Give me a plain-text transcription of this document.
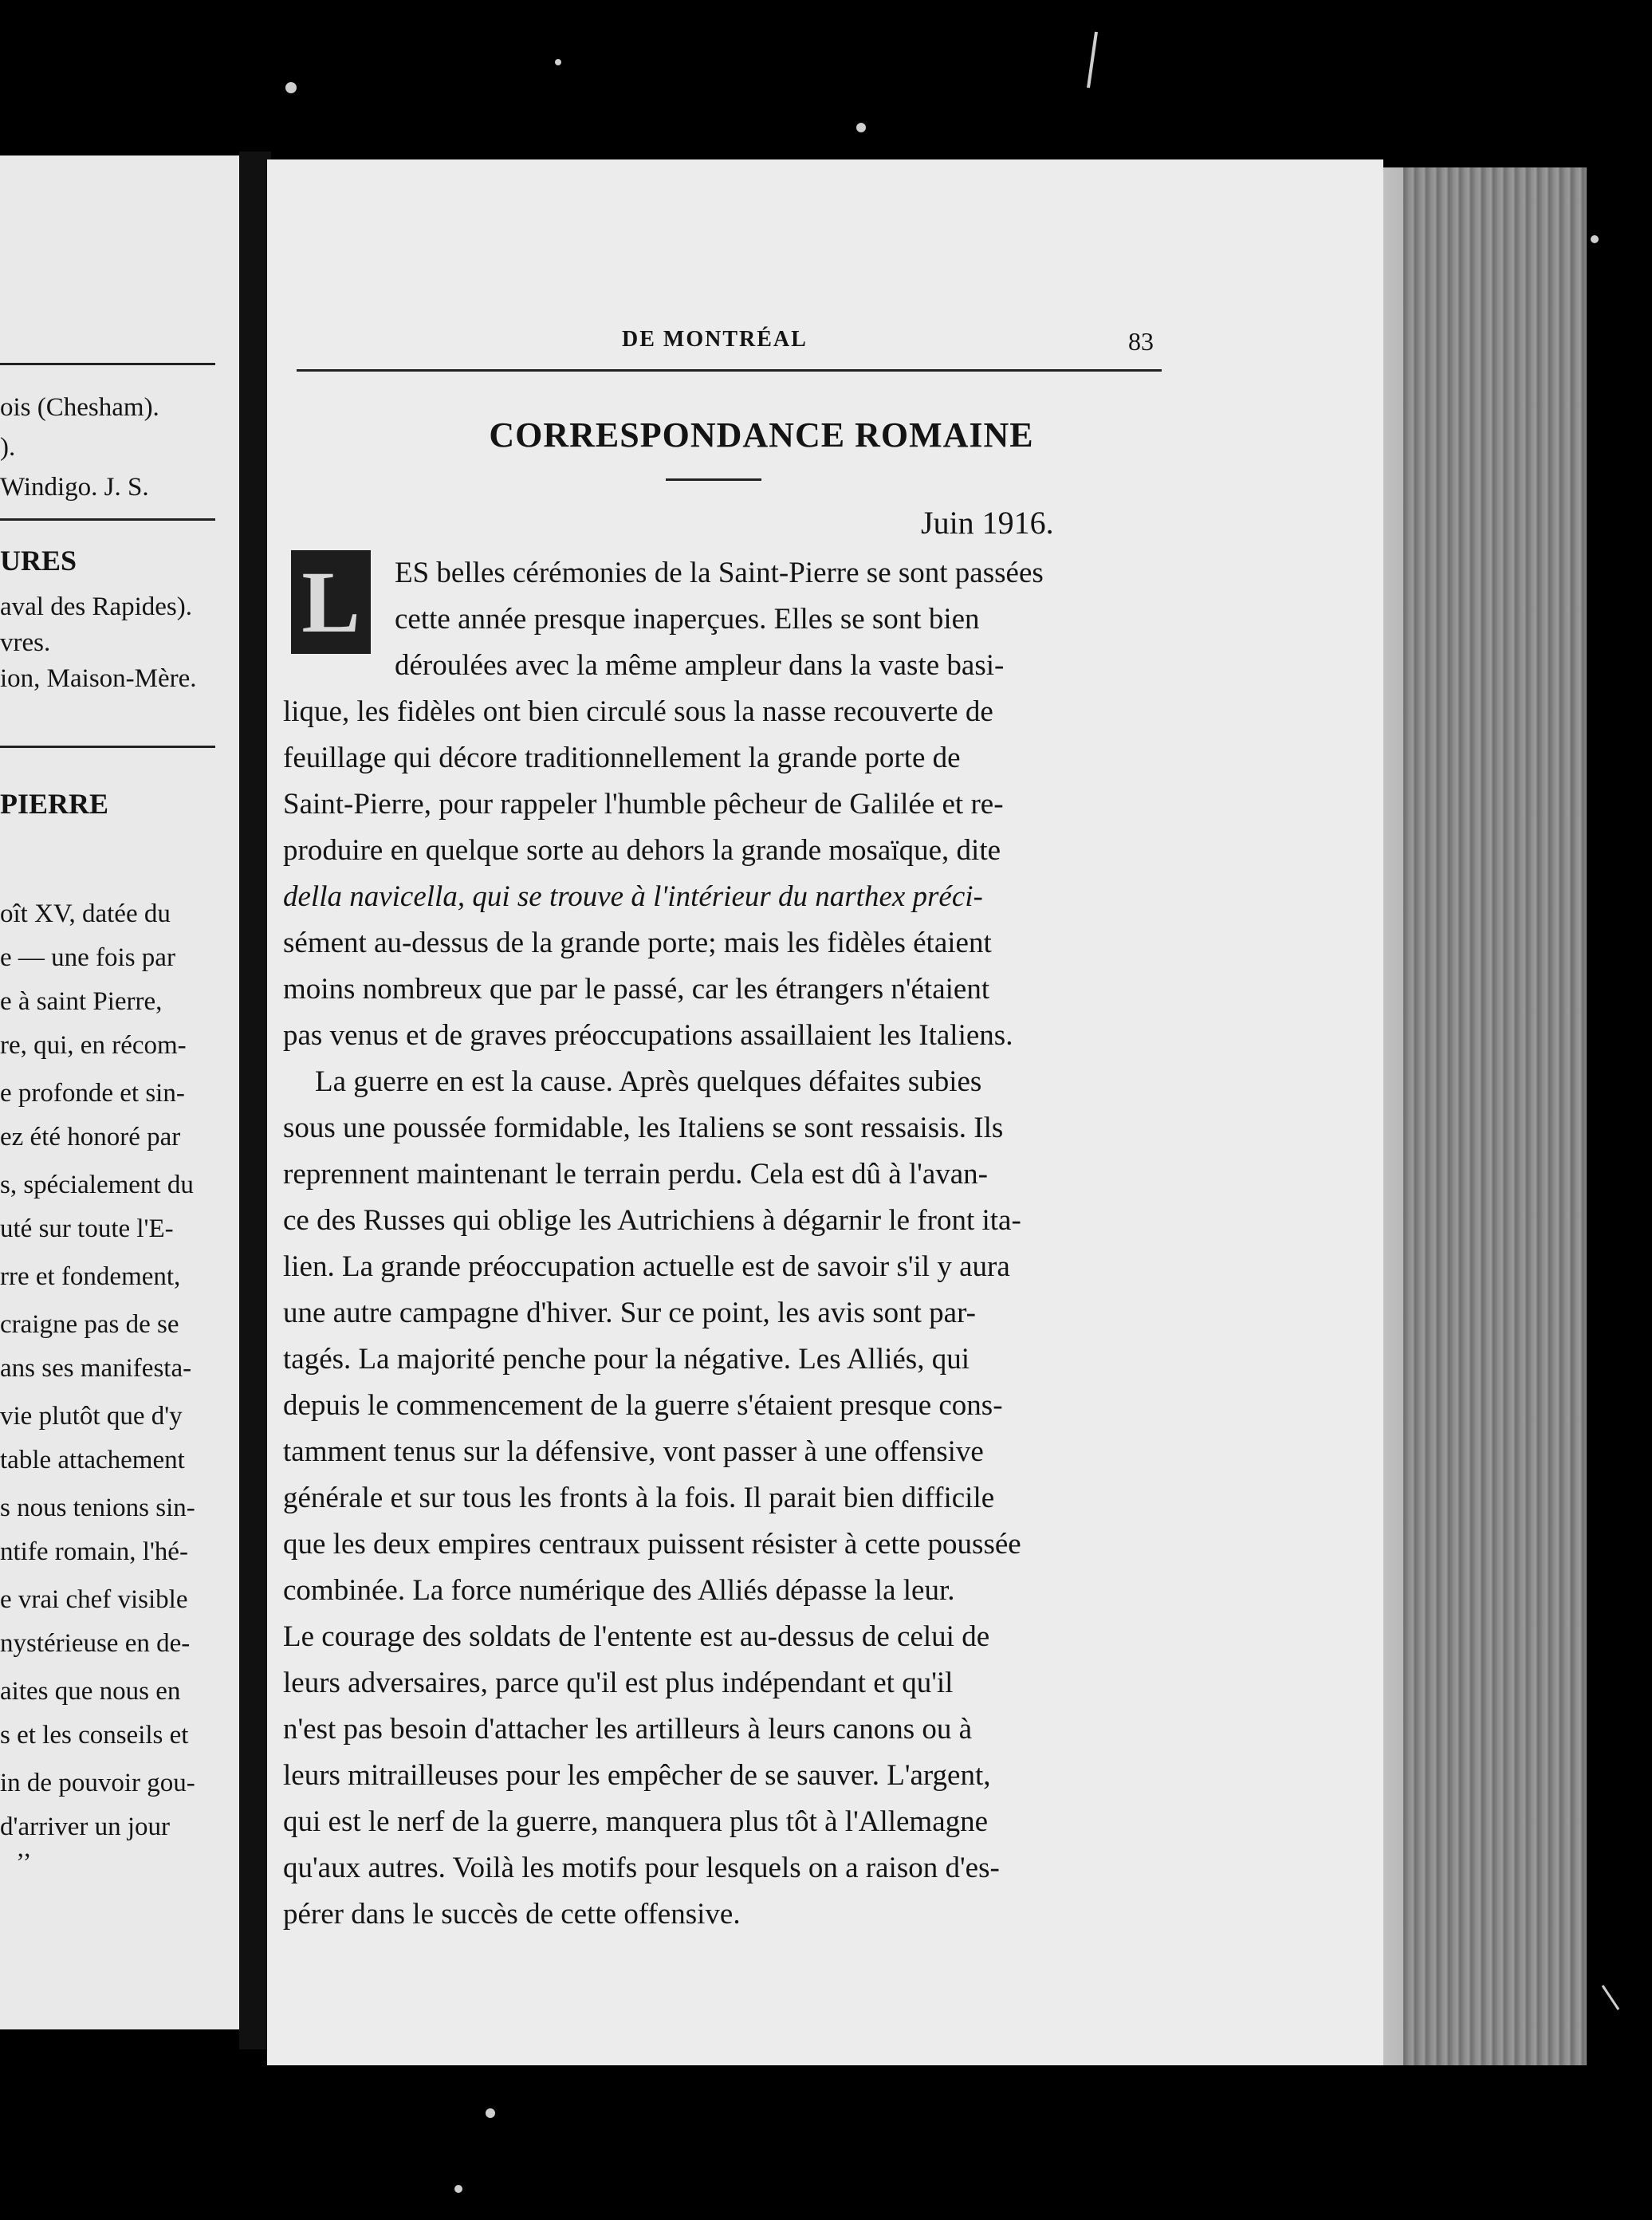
ois (Chesham).
).
Windigo. J. S.
URES
aval des Rapides).
vres.
ion, Maison-Mère.
PIERRE
oît XV, datée du
e — une fois par
e à saint Pierre,
re, qui, en récom-
e profonde et sin-
ez été honoré par
s, spécialement du
uté sur toute l'E-
rre et fondement,
craigne pas de se
ans ses manifesta-
vie plutôt que d'y
table attachement
s nous tenions sin-
ntife romain, l'hé-
e vrai chef visible
nystérieuse en de-
aites que nous en
s et les conseils et
in de pouvoir gou-
d'arriver un jour
’’
DE MONTRÉAL	83
CORRESPONDANCE ROMAINE
Juin 1916.
L	ES belles cérémonies de la Saint-Pierre se sont passées
cette année presque inaperçues. Elles se sont bien
déroulées avec la même ampleur dans la vaste basi-
lique, les fidèles ont bien circulé sous la nasse recouverte de
feuillage qui décore traditionnellement la grande porte de
Saint-Pierre, pour rappeler l'humble pêcheur de Galilée et re-
produire en quelque sorte au dehors la grande mosaïque, dite
della navicella, qui se trouve à l'intérieur du narthex préci-
sément au-dessus de la grande porte; mais les fidèles étaient
moins nombreux que par le passé, car les étrangers n'étaient
pas venus et de graves préoccupations assaillaient les Italiens.
La guerre en est la cause. Après quelques défaites subies
sous une poussée formidable, les Italiens se sont ressaisis. Ils
reprennent maintenant le terrain perdu. Cela est dû à l'avan-
ce des Russes qui oblige les Autrichiens à dégarnir le front ita-
lien. La grande préoccupation actuelle est de savoir s'il y aura
une autre campagne d'hiver. Sur ce point, les avis sont par-
tagés. La majorité penche pour la négative. Les Alliés, qui
depuis le commencement de la guerre s'étaient presque cons-
tamment tenus sur la défensive, vont passer à une offensive
générale et sur tous les fronts à la fois. Il parait bien difficile
que les deux empires centraux puissent résister à cette poussée
combinée. La force numérique des Alliés dépasse la leur.
Le courage des soldats de l'entente est au-dessus de celui de
leurs adversaires, parce qu'il est plus indépendant et qu'il
n'est pas besoin d'attacher les artilleurs à leurs canons ou à
leurs mitrailleuses pour les empêcher de se sauver. L'argent,
qui est le nerf de la guerre, manquera plus tôt à l'Allemagne
qu'aux autres. Voilà les motifs pour lesquels on a raison d'es-
pérer dans le succès de cette offensive.
